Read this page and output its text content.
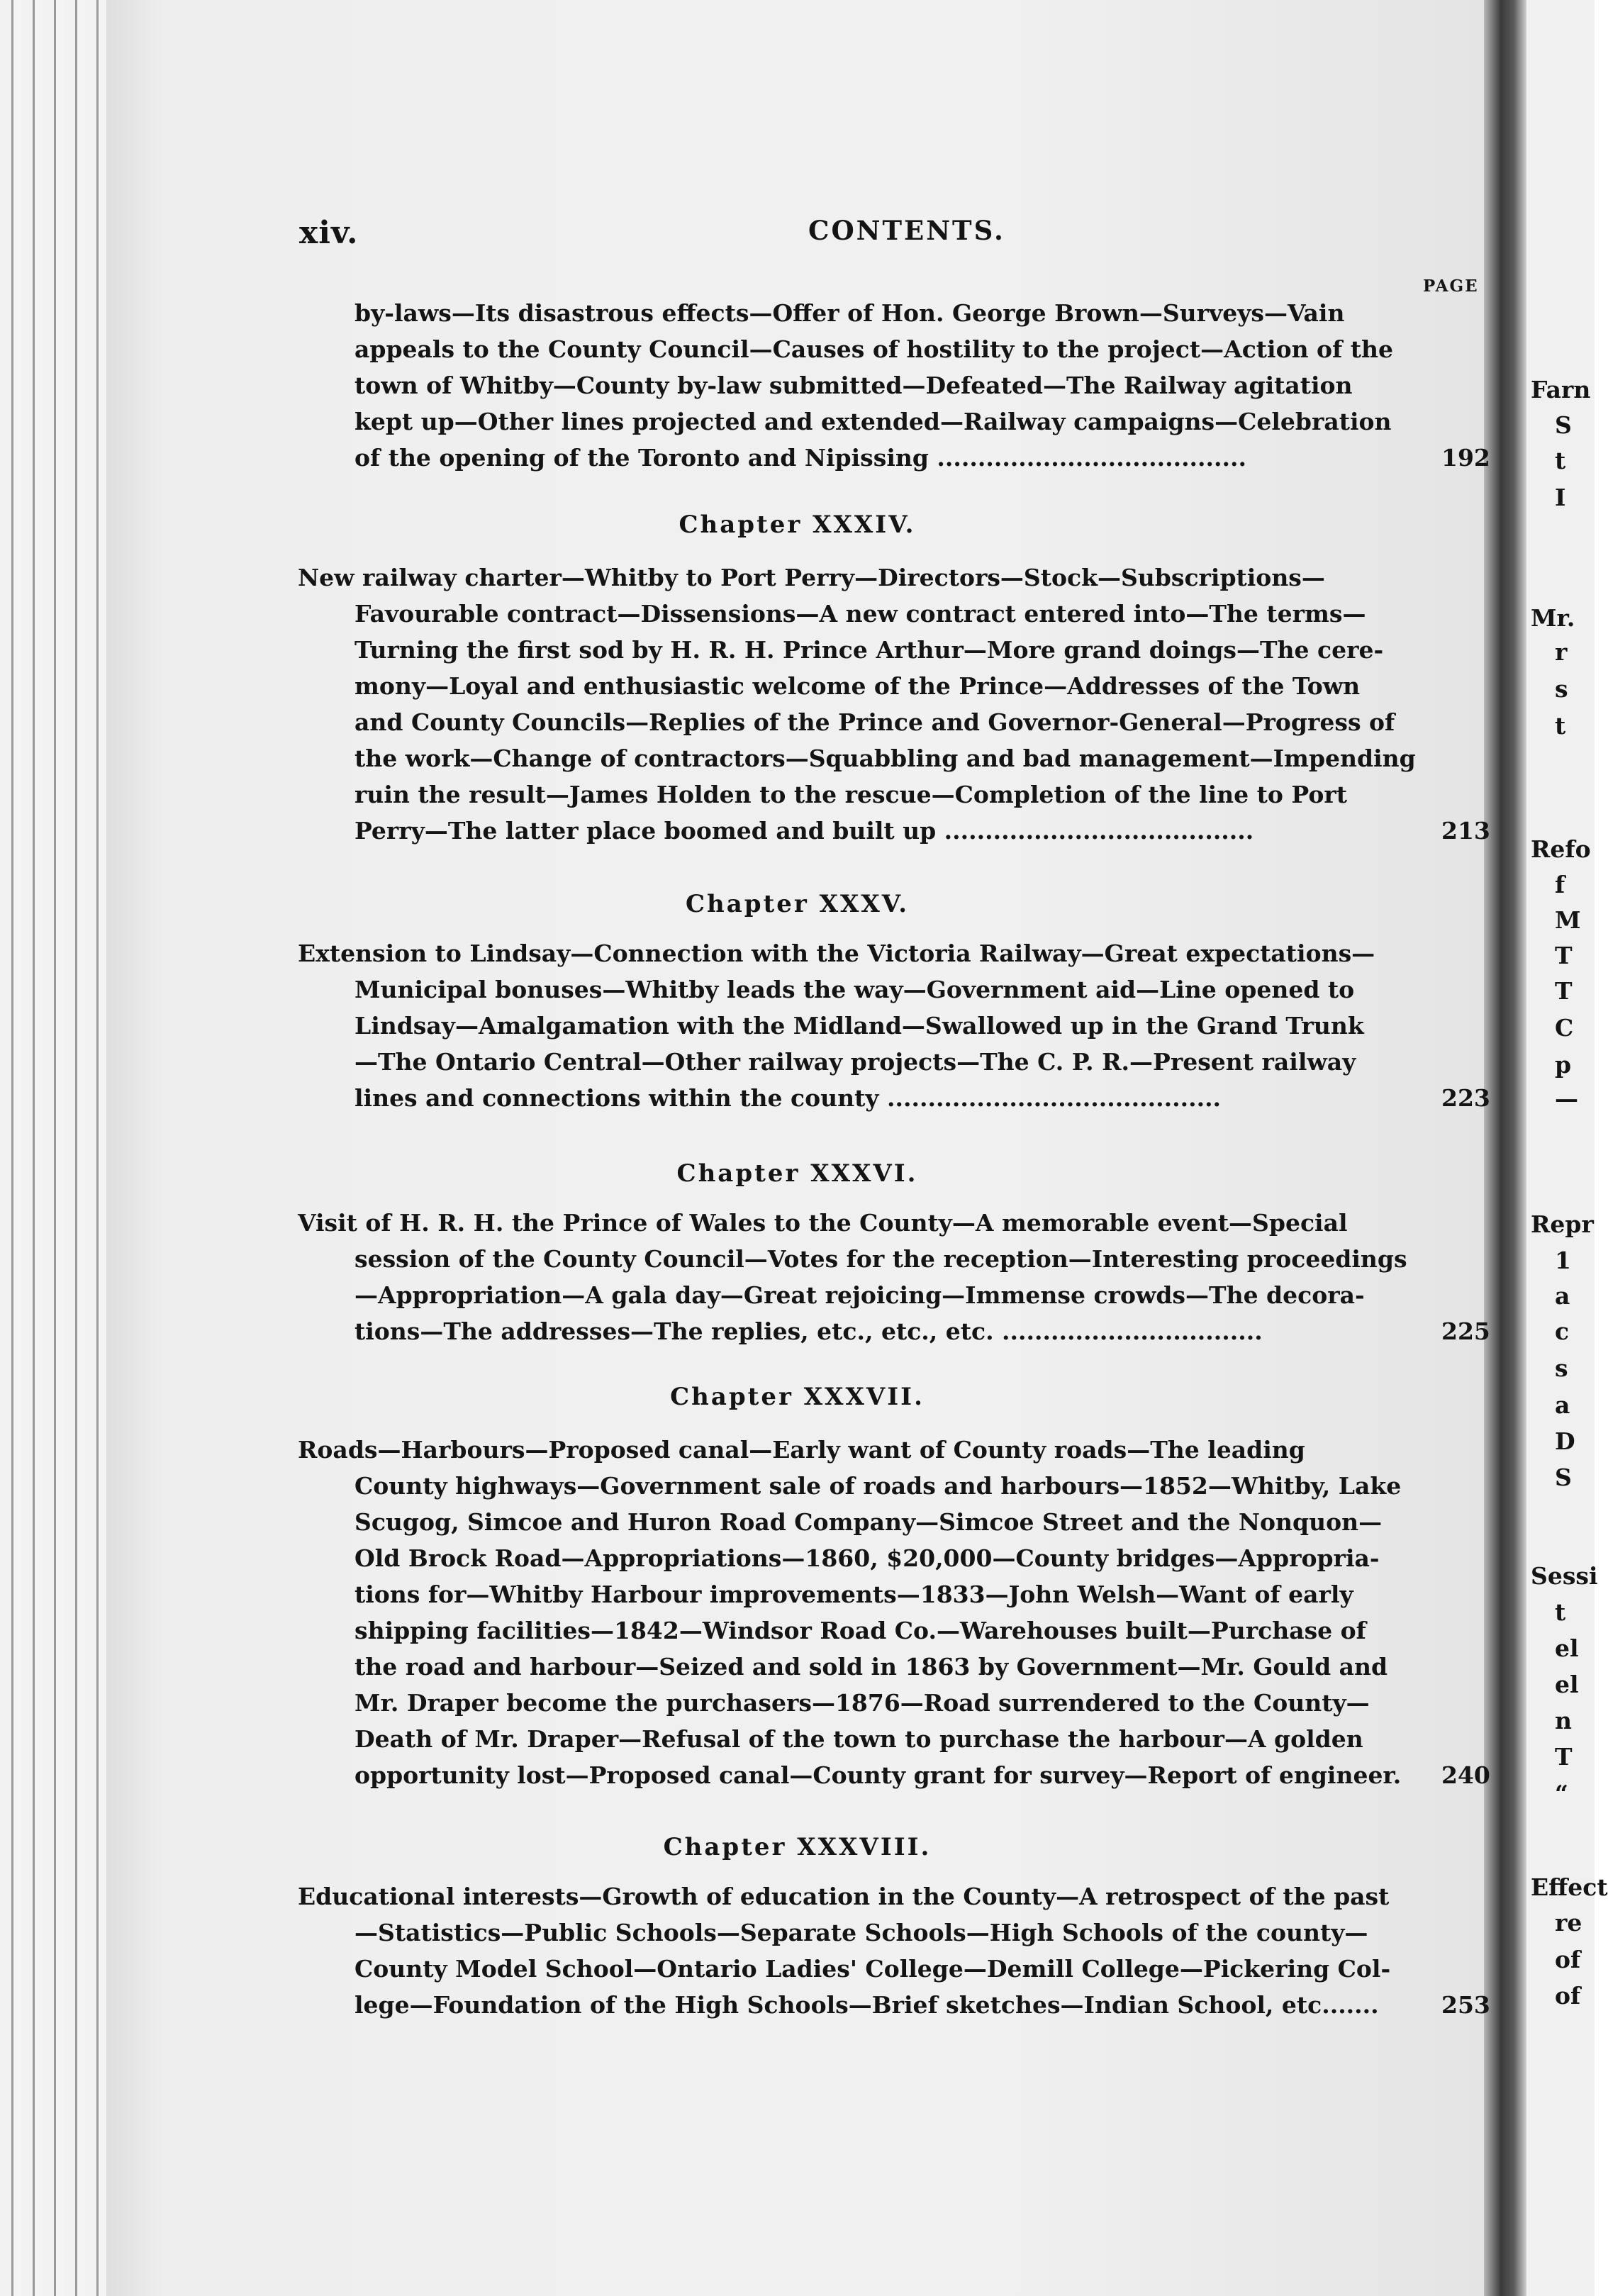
Farn
S
t
I
Mr.
r
s
t
Refo
f
M
T
T
C
p
—
Repr
1
a
c
s
a
D
S
Sessi
t
el
el
n
T
“
Effect
re
of
of
xiv.	CONTENTS.
PAGE
by-laws—Its disastrous effects—Offer of Hon. George Brown—Surveys—Vain
appeals to the County Council—Causes of hostility to the project—Action of the
town of Whitby—County by-law submitted—Defeated—The Railway agitation
kept up—Other lines projected and extended—Railway campaigns—Celebration
of the opening of the Toronto and Nipissing ......................................	192
Chapter XXXIV.
New railway charter—Whitby to Port Perry—Directors—Stock—Subscriptions—
Favourable contract—Dissensions—A new contract entered into—The terms—
Turning the first sod by H. R. H. Prince Arthur—More grand doings—The cere-
mony—Loyal and enthusiastic welcome of the Prince—Addresses of the Town
and County Councils—Replies of the Prince and Governor-General—Progress of
the work—Change of contractors—Squabbling and bad management—Impending
ruin the result—James Holden to the rescue—Completion of the line to Port
Perry—The latter place boomed and built up ......................................	213
Chapter XXXV.
Extension to Lindsay—Connection with the Victoria Railway—Great expectations—
Municipal bonuses—Whitby leads the way—Government aid—Line opened to
Lindsay—Amalgamation with the Midland—Swallowed up in the Grand Trunk
—The Ontario Central—Other railway projects—The C. P. R.—Present railway
lines and connections within the county .........................................	223
Chapter XXXVI.
Visit of H. R. H. the Prince of Wales to the County—A memorable event—Special
session of the County Council—Votes for the reception—Interesting proceedings
—Appropriation—A gala day—Great rejoicing—Immense crowds—The decora-
tions—The addresses—The replies, etc., etc., etc. ................................	225
Chapter XXXVII.
Roads—Harbours—Proposed canal—Early want of County roads—The leading
County highways—Government sale of roads and harbours—1852—Whitby, Lake
Scugog, Simcoe and Huron Road Company—Simcoe Street and the Nonquon—
Old Brock Road—Appropriations—1860, $20,000—County bridges—Appropria-
tions for—Whitby Harbour improvements—1833—John Welsh—Want of early
shipping facilities—1842—Windsor Road Co.—Warehouses built—Purchase of
the road and harbour—Seized and sold in 1863 by Government—Mr. Gould and
Mr. Draper become the purchasers—1876—Road surrendered to the County—
Death of Mr. Draper—Refusal of the town to purchase the harbour—A golden
opportunity lost—Proposed canal—County grant for survey—Report of engineer. 240
Chapter XXXVIII.
Educational interests—Growth of education in the County—A retrospect of the past
—Statistics—Public Schools—Separate Schools—High Schools of the county—
County Model School—Ontario Ladies' College—Demill College—Pickering Col-
lege—Foundation of the High Schools—Brief sketches—Indian School, etc.......	253
